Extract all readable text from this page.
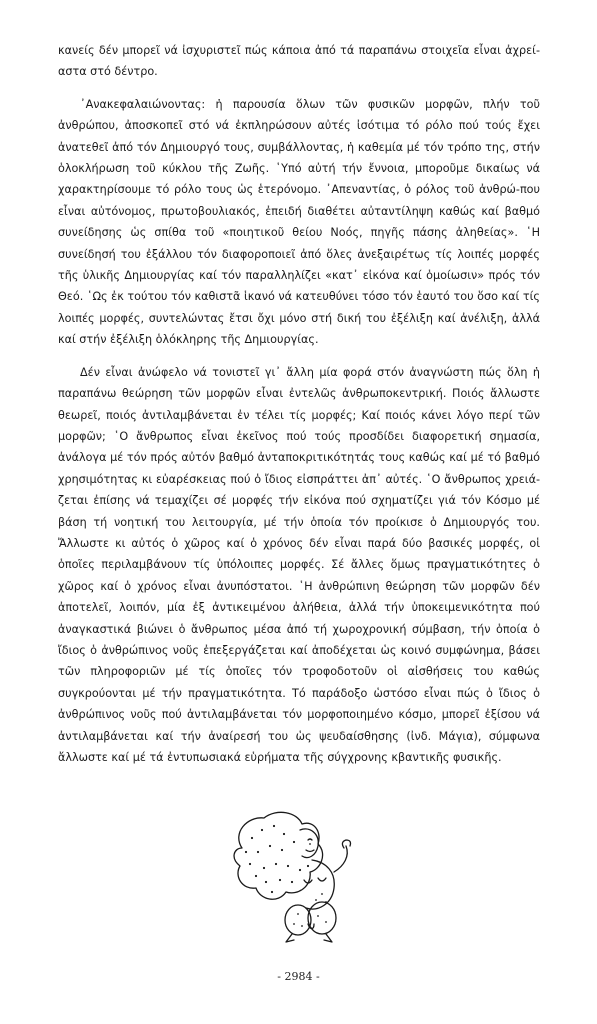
κανείς δέν μπορεῖ νά ἰσχυριστεῖ πώς κάποια ἀπό τά παραπάνω στοιχεῖα εἶναι ἀχρεί-αστα στό δέντρο.

᾿Ανακεφαλαιώνοντας: ἡ παρουσία ὅλων τῶν φυσικῶν μορφῶν, πλήν τοῦ ἀνθρώπου, ἀποσκοπεῖ στό νά ἐκπληρώσουν αὐτές ἰσότιμα τό ρόλο πού τούς ἔχει ἀνατεθεῖ ἀπό τόν Δημιουργό τους, συμβάλλοντας, ἡ καθεμία μέ τόν τρόπο της, στήν ὁλοκλήρωση τοῦ κύκλου τῆς Ζωῆς. ῾Υπό αὐτή τήν ἔννοια, μποροῦμε δικαίως νά χαρακτηρίσουμε τό ρόλο τους ὡς ἑτερόνομο. ᾿Απεναντίας, ὁ ρόλος τοῦ ἀνθρώ-που εἶναι αὐτόνομος, πρωτοβουλιακός, ἐπειδή διαθέτει αὐταντίληψη καθώς καί βαθμό συνείδησης ὡς σπίθα τοῦ «ποιητικοῦ θείου Νοός, πηγῆς πάσης ἀληθείας». ῾Η συνείδησή του ἐξάλλου τόν διαφοροποιεῖ ἀπό ὅλες ἀνεξαιρέτως τίς λοιπές μορφές τῆς ὑλικῆς Δημιουργίας καί τόν παραλληλίζει «κατ᾿ εἰκόνα καί ὁμοίωσιν» πρός τόν Θεό. ῾Ως ἐκ τούτου τόν καθιστᾶ ἱκανό νά κατευθύνει τόσο τόν ἑαυτό του ὅσο καί τίς λοιπές μορφές, συντελώντας ἔτσι ὄχι μόνο στή δική του ἐξέλιξη καί ἀνέλιξη, ἀλλά καί στήν ἐξέλιξη ὁλόκληρης τῆς Δημιουργίας.

Δέν εἶναι ἀνώφελο νά τονιστεῖ γι᾿ ἄλλη μία φορά στόν ἀναγνώστη πώς ὅλη ἡ παραπάνω θεώρηση τῶν μορφῶν εἶναι ἐντελῶς ἀνθρωποκεντρική. Ποιός ἄλλωστε θεωρεῖ, ποιός ἀντιλαμβάνεται ἐν τέλει τίς μορφές; Καί ποιός κάνει λόγο περί τῶν μορφῶν; ῾Ο ἄνθρωπος εἶναι ἐκεῖνος πού τούς προσδίδει διαφορετική σημασία, ἀνάλογα μέ τόν πρός αὐτόν βαθμό ἀνταποκριτικότητάς τους καθώς καί μέ τό βαθμό χρησιμότητας κι εὐαρέσκειας πού ὁ ἴδιος εἰσπράττει ἀπ᾿ αὐτές. ῾Ο ἄνθρωπος χρειά-ζεται ἐπίσης νά τεμαχίζει σέ μορφές τήν εἰκόνα πού σχηματίζει γιά τόν Κόσμο μέ βάση τή νοητική του λειτουργία, μέ τήν ὁποία τόν προίκισε ὁ Δημιουργός του. Ἄλλωστε κι αὐτός ὁ χῶρος καί ὁ χρόνος δέν εἶναι παρά δύο βασικές μορφές, οἱ ὁποῖες περιλαμβάνουν τίς ὑπόλοιπες μορφές. Σέ ἄλλες ὅμως πραγματικότητες ὁ χῶρος καί ὁ χρόνος εἶναι ἀνυπόστατοι. ῾Η ἀνθρώπινη θεώρηση τῶν μορφῶν δέν ἀποτελεῖ, λοιπόν, μία ἐξ ἀντικειμένου ἀλήθεια, ἀλλά τήν ὑποκειμενικότητα πού ἀναγκαστικά βιώνει ὁ ἄνθρωπος μέσα ἀπό τή χωροχρονική σύμβαση, τήν ὁποία ὁ ἴδιος ὁ ἀνθρώπινος νοῦς ἐπεξεργάζεται καί ἀποδέχεται ὡς κοινό συμφώνημα, βάσει τῶν πληροφοριῶν μέ τίς ὁποῖες τόν τροφοδοτοῦν οἱ αἰσθήσεις του καθώς συγκρούονται μέ τήν πραγματικότητα. Τό παράδοξο ὡστόσο εἶναι πώς ὁ ἴδιος ὁ ἀνθρώπινος νοῦς πού ἀντιλαμβάνεται τόν μορφοποιημένο κόσμο, μπορεῖ ἐξίσου νά ἀντιλαμβάνεται καί τήν ἀναίρεσή του ὡς ψευδαίσθησης (ἰνδ. Μάγια), σύμφωνα ἄλλωστε καί μέ τά ἐντυπωσιακά εὑρήματα τῆς σύγχρονης κβαντικῆς φυσικῆς.

- 2984 -
